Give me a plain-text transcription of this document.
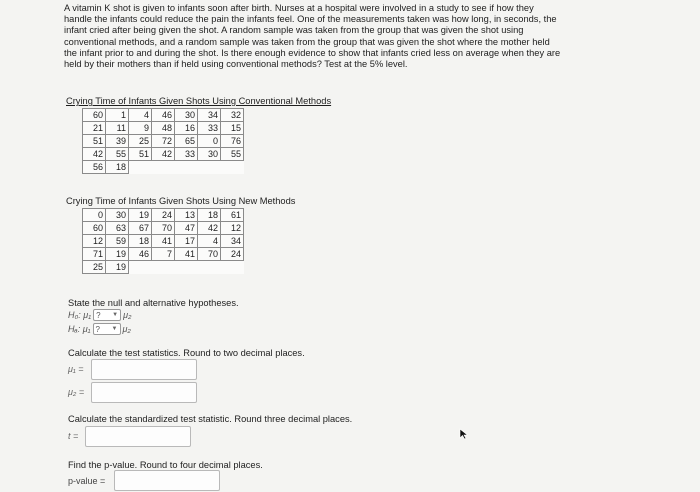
A vitamin K shot is given to infants soon after birth. Nurses at a hospital were involved in a study to see if how they handle the infants could reduce the pain the infants feel. One of the measurements taken was how long, in seconds, the infant cried after being given the shot. A random sample was taken from the group that was given the shot using conventional methods, and a random sample was taken from the group that was given the shot where the mother held the infant prior to and during the shot. Is there enough evidence to show that infants cried less on average when they are held by their mothers than if held using conventional methods? Test at the 5% level.
Crying Time of Infants Given Shots Using Conventional Methods
60	1	4	46	30	34	32
21	11	9	48	16	33	15
51	39	25	72	65	0	76
42	55	51	42	33	30	55
56	18					
Crying Time of Infants Given Shots Using New Methods
0	30	19	24	13	18	61
60	63	67	70	47	42	12
12	59	18	41	17	4	34
71	19	46	7	41	70	24
25	19					
State the null and alternative hypotheses.
H₀: μ₁ ? ▼ μ₂
Hₐ: μ₁ ? ▼ μ₂
Calculate the test statistics. Round to two decimal places.
μ₁ =
μ₂ =
Calculate the standardized test statistic. Round three decimal places.
t =
Find the p-value. Round to four decimal places.
p-value =
